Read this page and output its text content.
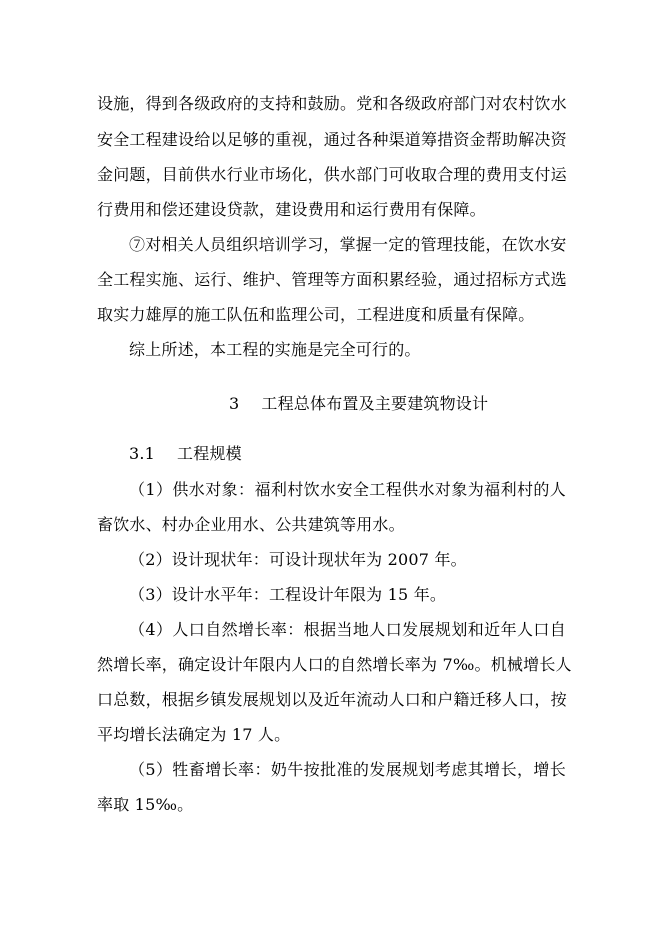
设施，得到各级政府的支持和鼓励。党和各级政府部门对农村饮水
安全工程建设给以足够的重视，通过各种渠道筹措资金帮助解决资
金问题，目前供水行业市场化，供水部门可收取合理的费用支付运
行费用和偿还建设贷款，建设费用和运行费用有保障。
⑦对相关人员组织培训学习，掌握一定的管理技能，在饮水安
全工程实施、运行、维护、管理等方面积累经验，通过招标方式选
取实力雄厚的施工队伍和监理公司，工程进度和质量有保障。
综上所述，本工程的实施是完全可行的。
3 工程总体布置及主要建筑物设计
3.1 工程规模
（1）供水对象：福利村饮水安全工程供水对象为福利村的人
畜饮水、村办企业用水、公共建筑等用水。
（2）设计现状年：可设计现状年为 2007 年。
（3）设计水平年：工程设计年限为 15 年。
（4）人口自然增长率：根据当地人口发展规划和近年人口自
然增长率，确定设计年限内人口的自然增长率为 7‰。机械增长人
口总数，根据乡镇发展规划以及近年流动人口和户籍迁移人口，按
平均增长法确定为 17 人。
（5）牲畜增长率：奶牛按批准的发展规划考虑其增长，增长
率取 15‰。
